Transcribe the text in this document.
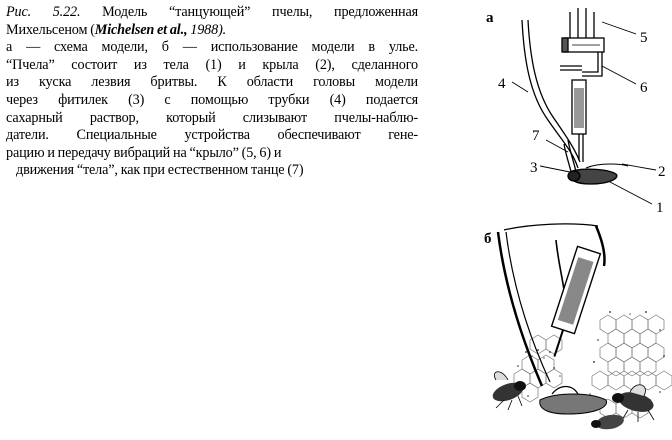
Рис. 5.22. Модель “танцующей” пчелы, предложенная
Михельсеном (Michelsen et al., 1988).
а — схема модели, б — использование модели в улье.
“Пчела” состоит из тела (1) и крыла (2), сделанного
из куска лезвия бритвы. К области головы модели
через фитилек (3) с помощью трубки (4) подается
сахарный раствор, который слизывают пчелы-наблю-
датели. Специальные устройства обеспечивают гене-
рацию и передачу вибраций на “крыло” (5, 6) и
движения “тела”, как при естественном танце (7)
а
б
5
6
4
7
3	2
1
